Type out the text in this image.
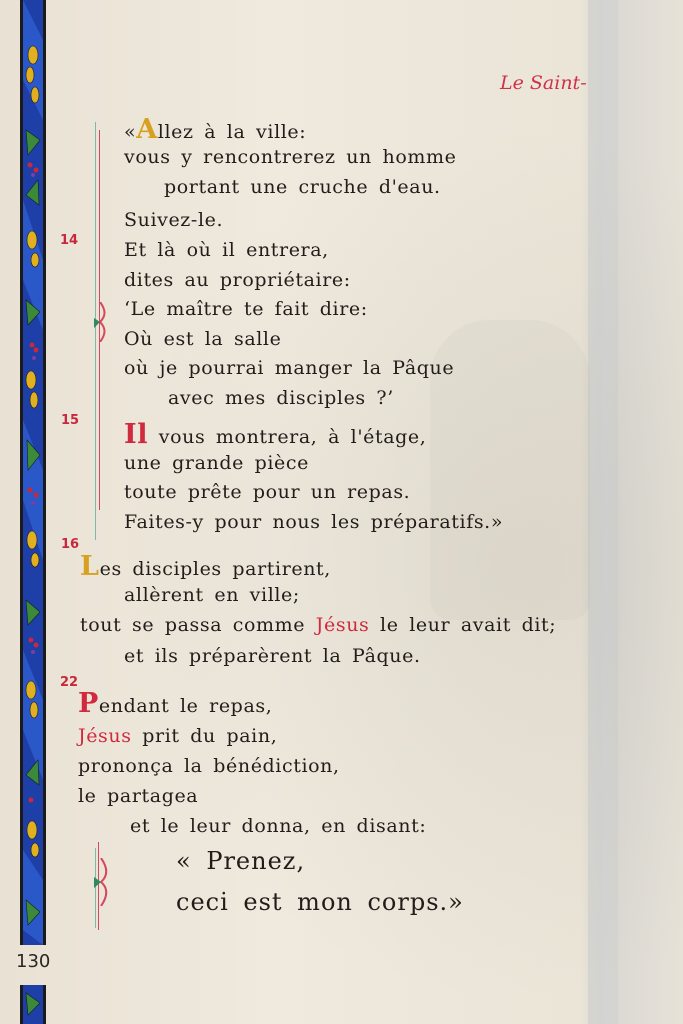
Le Saint-
14
15
16
22
«Allez à la ville:
vous y rencontrerez un homme
portant une cruche d'eau.
Suivez-le.
Et là où il entrera,
dites au propriétaire:
‘Le maître te fait dire:
Où est la salle
où je pourrai manger la Pâque
avec mes disciples ?’
Il vous montrera, à l'étage,
une grande pièce
toute prête pour un repas.
Faites-y pour nous les préparatifs.»
Les disciples partirent,
allèrent en ville;
tout se passa comme Jésus le leur avait dit;
et ils préparèrent la Pâque.
Pendant le repas,
Jésus prit du pain,
prononça la bénédiction,
le partagea
et le leur donna, en disant:
« Prenez,
ceci est mon corps.»
130
